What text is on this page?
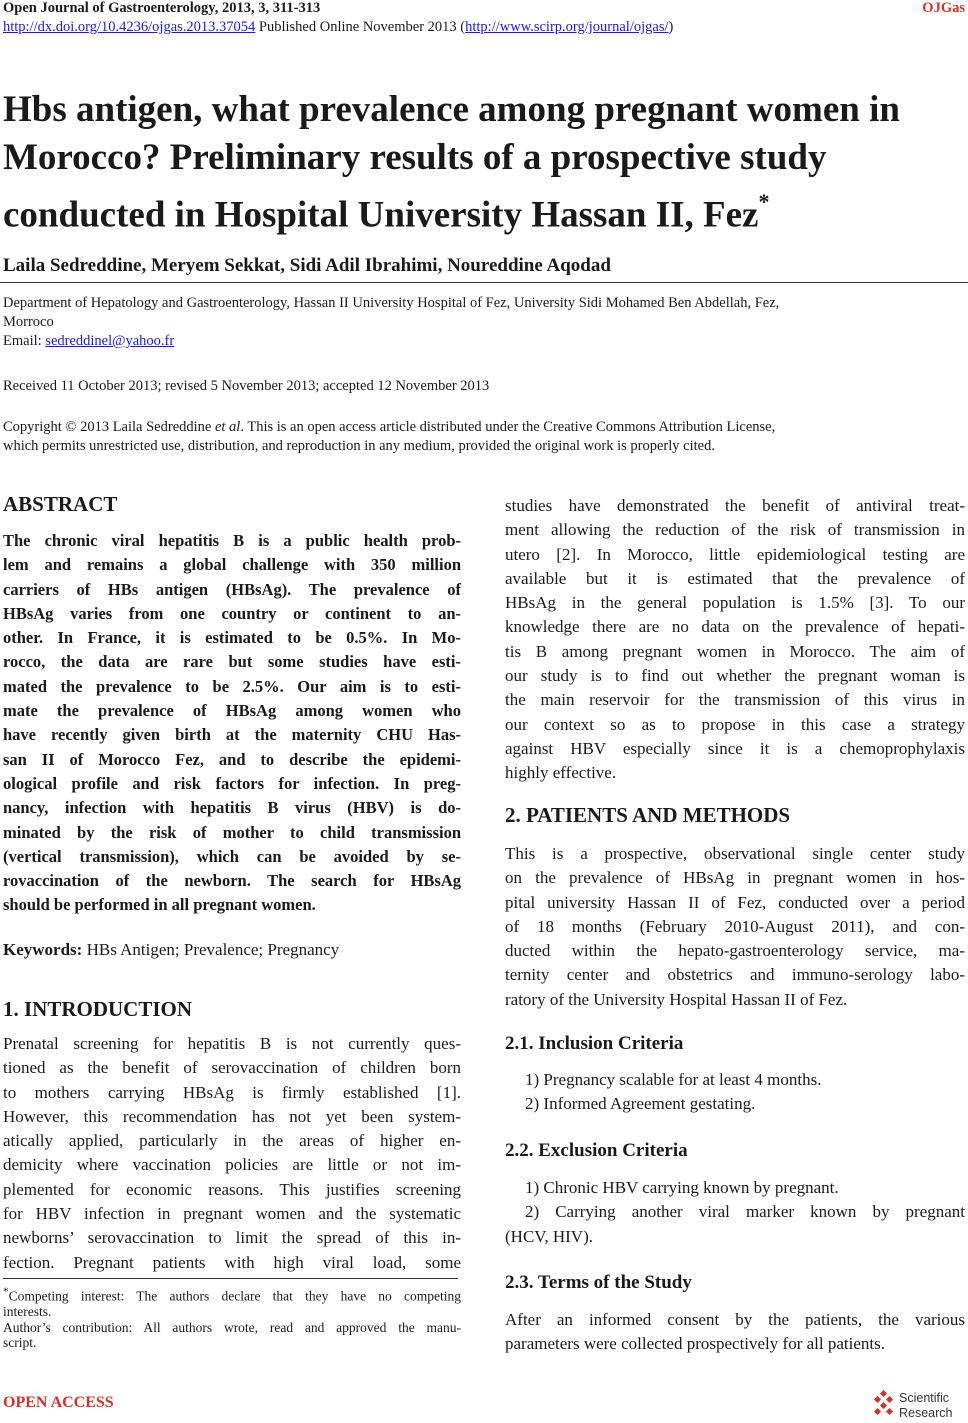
Open Journal of Gastroenterology, 2013, 3, 311-313	OJGas
http://dx.doi.org/10.4236/ojgas.2013.37054 Published Online November 2013 (http://www.scirp.org/journal/ojgas/)
Hbs antigen, what prevalence among pregnant women in
Morocco? Preliminary results of a prospective study
conducted in Hospital University Hassan II, Fez*
Laila Sedreddine, Meryem Sekkat, Sidi Adil Ibrahimi, Noureddine Aqodad
Department of Hepatology and Gastroenterology, Hassan II University Hospital of Fez, University Sidi Mohamed Ben Abdellah, Fez,
Morroco
Email: sedreddinel@yahoo.fr
Received 11 October 2013; revised 5 November 2013; accepted 12 November 2013
Copyright © 2013 Laila Sedreddine et al. This is an open access article distributed under the Creative Commons Attribution License,
which permits unrestricted use, distribution, and reproduction in any medium, provided the original work is properly cited.
ABSTRACT
The chronic viral hepatitis B is a public health prob-
lem and remains a global challenge with 350 million
carriers of HBs antigen (HBsAg). The prevalence of
HBsAg varies from one country or continent to an-
other. In France, it is estimated to be 0.5%. In Mo-
rocco, the data are rare but some studies have esti-
mated the prevalence to be 2.5%. Our aim is to esti-
mate the prevalence of HBsAg among women who
have recently given birth at the maternity CHU Has-
san II of Morocco Fez, and to describe the epidemi-
ological profile and risk factors for infection. In preg-
nancy, infection with hepatitis B virus (HBV) is do-
minated by the risk of mother to child transmission
(vertical transmission), which can be avoided by se-
rovaccination of the newborn. The search for HBsAg
should be performed in all pregnant women.
Keywords: HBs Antigen; Prevalence; Pregnancy
1. INTRODUCTION
Prenatal screening for hepatitis B is not currently ques-
tioned as the benefit of serovaccination of children born
to mothers carrying HBsAg is firmly established [1].
However, this recommendation has not yet been system-
atically applied, particularly in the areas of higher en-
demicity where vaccination policies are little or not im-
plemented for economic reasons. This justifies screening
for HBV infection in pregnant women and the systematic
newborns’ serovaccination to limit the spread of this in-
fection. Pregnant patients with high viral load, some
*Competing interest: The authors declare that they have no competing
interests.
Author’s contribution: All authors wrote, read and approved the manu-
script.
studies have demonstrated the benefit of antiviral treat-
ment allowing the reduction of the risk of transmission in
utero [2]. In Morocco, little epidemiological testing are
available but it is estimated that the prevalence of
HBsAg in the general population is 1.5% [3]. To our
knowledge there are no data on the prevalence of hepati-
tis B among pregnant women in Morocco. The aim of
our study is to find out whether the pregnant woman is
the main reservoir for the transmission of this virus in
our context so as to propose in this case a strategy
against HBV especially since it is a chemoprophylaxis
highly effective.
2. PATIENTS AND METHODS
This is a prospective, observational single center study
on the prevalence of HBsAg in pregnant women in hos-
pital university Hassan II of Fez, conducted over a period
of 18 months (February 2010-August 2011), and con-
ducted within the hepato-gastroenterology service, ma-
ternity center and obstetrics and immuno-serology labo-
ratory of the University Hospital Hassan II of Fez.
2.1. Inclusion Criteria
1) Pregnancy scalable for at least 4 months.
2) Informed Agreement gestating.
2.2. Exclusion Criteria
1) Chronic HBV carrying known by pregnant.
2) Carrying another viral marker known by pregnant
(HCV, HIV).
2.3. Terms of the Study
After an informed consent by the patients, the various
parameters were collected prospectively for all patients.
OPEN ACCESS	Scientific
Research
